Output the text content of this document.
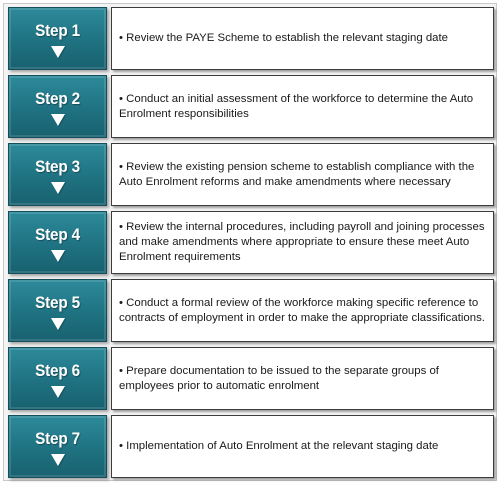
Step 1	• Review the PAYE Scheme to establish the relevant staging date
Step 2	• Conduct an initial assessment of the workforce to determine the Auto Enrolment responsibilities
Step 3	• Review the existing pension scheme to establish compliance with the Auto Enrolment reforms and make amendments where necessary
Step 4	• Review the internal procedures, including payroll and joining processes and make amendments where appropriate to ensure these meet Auto Enrolment requirements
Step 5	• Conduct a formal review of the workforce making specific reference to contracts of employment in order to make the appropriate classifications.
Step 6	• Prepare documentation to be issued to the separate groups of employees prior to automatic enrolment
Step 7	• Implementation of Auto Enrolment at the relevant staging date
